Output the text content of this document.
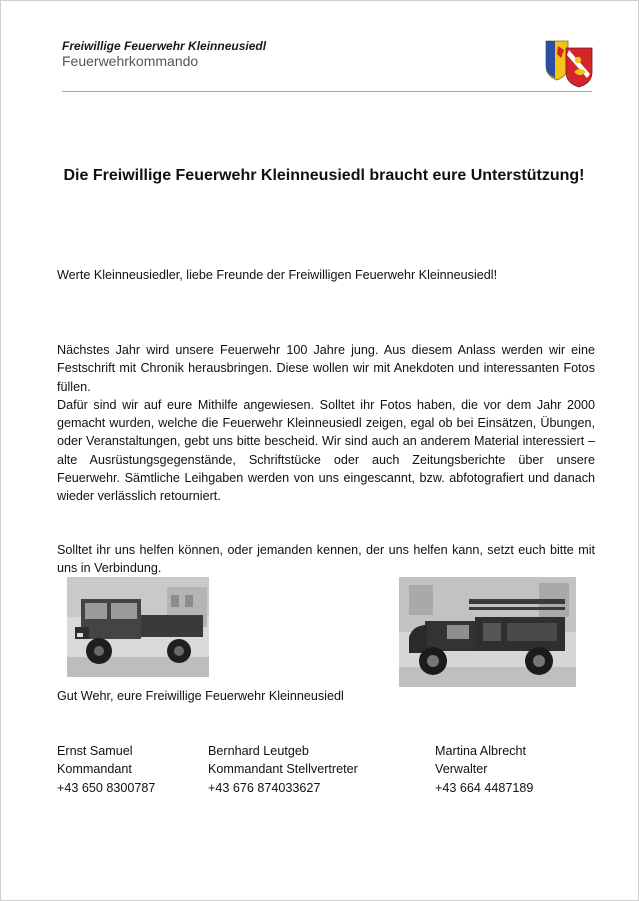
Freiwillige Feuerwehr Kleinneusiedl
Feuerwehrkommando
Die Freiwillige Feuerwehr Kleinneusiedl braucht eure Unterstützung!
Werte Kleinneusiedler, liebe Freunde der Freiwilligen Feuerwehr Kleinneusiedl!
Nächstes Jahr wird unsere Feuerwehr 100 Jahre jung. Aus diesem Anlass werden wir eine Festschrift mit Chronik herausbringen. Diese wollen wir mit Anekdoten und interessanten Fotos füllen.
Dafür sind wir auf eure Mithilfe angewiesen. Solltet ihr Fotos haben, die vor dem Jahr 2000 gemacht wurden, welche die Feuerwehr Kleinneusiedl zeigen, egal ob bei Einsätzen, Übungen, oder Veranstaltungen, gebt uns bitte bescheid. Wir sind auch an anderem Material interessiert – alte Ausrüstungsgegenstände, Schriftstücke oder auch Zeitungsberichte über unsere Feuerwehr. Sämtliche Leihgaben werden von uns eingescannt, bzw. abfotografiert und danach wieder verlässlich retourniert.
Solltet ihr uns helfen können, oder jemanden kennen, der uns helfen kann, setzt euch bitte mit uns in Verbindung.
Gut Wehr, eure Freiwillige Feuerwehr Kleinneusiedl
Ernst Samuel
Kommandant
+43 650 8300787
Bernhard Leutgeb
Kommandant Stellvertreter
+43 676 874033627
Martina Albrecht
Verwalter
+43 664 4487189
